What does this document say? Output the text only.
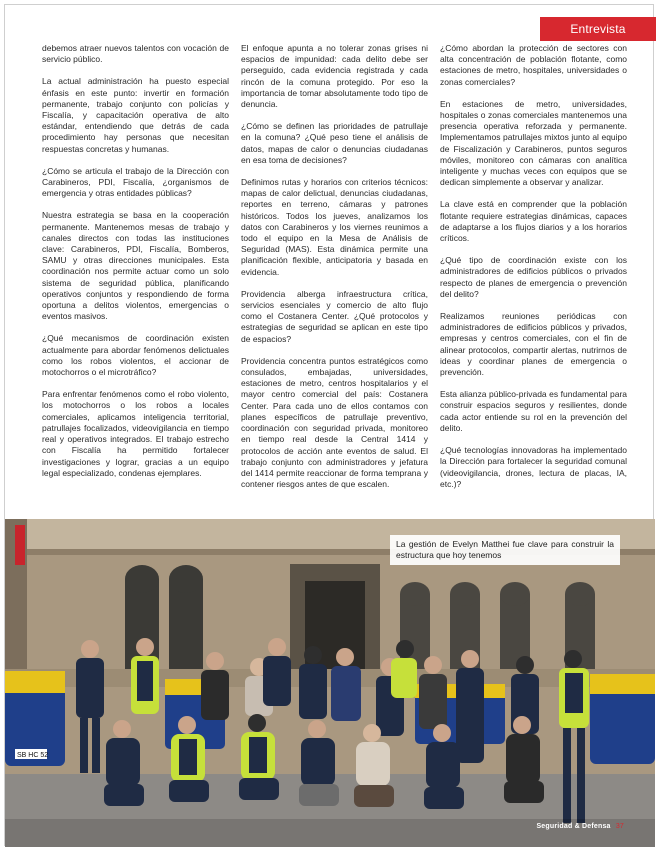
Entrevista

debemos atraer nuevos talentos con vocación de servicio público.

La actual administración ha puesto especial énfasis en este punto: invertir en formación permanente, trabajo conjunto con policías y Fiscalía, y capacitación operativa de alto estándar, entendiendo que detrás de cada procedimiento hay personas que necesitan respuestas concretas y humanas.

¿Cómo se articula el trabajo de la Dirección con Carabineros, PDI, Fiscalía, ¿organismos de emergencia y otras entidades públicas?

Nuestra estrategia se basa en la cooperación permanente. Mantenemos mesas de trabajo y canales directos con todas las instituciones clave: Carabineros, PDI, Fiscalía, Bomberos, SAMU y otras direcciones municipales. Esta coordinación nos permite actuar como un solo sistema de seguridad pública, planificando operativos conjuntos y respondiendo de forma oportuna a delitos violentos, emergencias o eventos masivos.

¿Qué mecanismos de coordinación existen actualmente para abordar fenómenos delictuales como los robos violentos, el accionar de motochorros o el microtráfico?

Para enfrentar fenómenos como el robo violento, los motochorros o los robos a locales comerciales, aplicamos inteligencia territorial, patrullajes focalizados, videovigilancia en tiempo real y operativos integrados. El trabajo estrecho con Fiscalía ha permitido fortalecer investigaciones y lograr, gracias a un equipo legal especializado, condenas ejemplares.

El enfoque apunta a no tolerar zonas grises ni espacios de impunidad: cada delito debe ser perseguido, cada evidencia registrada y cada rincón de la comuna protegido. Por eso la importancia de tomar absolutamente todo tipo de denuncia.

¿Cómo se definen las prioridades de patrullaje en la comuna? ¿Qué peso tiene el análisis de datos, mapas de calor o denuncias ciudadanas en esa toma de decisiones?

Definimos rutas y horarios con criterios técnicos: mapas de calor delictual, denuncias ciudadanas, reportes en terreno, cámaras y patrones históricos. Todos los jueves, analizamos los datos con Carabineros y los viernes reunimos a todo el equipo en la Mesa de Análisis de Seguridad (MAS). Esta dinámica permite una planificación flexible, anticipatoria y basada en evidencia.

Providencia alberga infraestructura crítica, servicios esenciales y comercio de alto flujo como el Costanera Center. ¿Qué protocolos y estrategias de seguridad se aplican en este tipo de espacios?

Providencia concentra puntos estratégicos como consulados, embajadas, universidades, estaciones de metro, centros hospitalarios y el mayor centro comercial del país: Costanera Center. Para cada uno de ellos contamos con planes específicos de patrullaje preventivo, coordinación con seguridad privada, monitoreo en tiempo real desde la Central 1414 y protocolos de acción ante eventos de salud. El trabajo conjunto con administradores y jefatura del 1414 permite reaccionar de forma temprana y contener riesgos antes de que escalen.

¿Cómo abordan la protección de sectores con alta concentración de población flotante, como estaciones de metro, hospitales, universidades o zonas comerciales?

En estaciones de metro, universidades, hospitales o zonas comerciales mantenemos una presencia operativa reforzada y permanente. Implementamos patrullajes mixtos junto al equipo de Fiscalización y Carabineros, puntos seguros móviles, monitoreo con cámaras con analítica inteligente y muchas veces con equipos que se dedican simplemente a observar y analizar.

La clave está en comprender que la población flotante requiere estrategias dinámicas, capaces de adaptarse a los flujos diarios y a los horarios críticos.

¿Qué tipo de coordinación existe con los administradores de edificios públicos o privados respecto de planes de emergencia o prevención del delito?

Realizamos reuniones periódicas con administradores de edificios públicos y privados, empresas y centros comerciales, con el fin de alinear protocolos, compartir alertas, nutrirnos de ideas y coordinar planes de emergencia o prevención.

Esta alianza público-privada es fundamental para construir espacios seguros y resilientes, donde cada actor entiende su rol en la prevención del delito.

¿Qué tecnologías innovadoras ha implementado la Dirección para fortalecer la seguridad comunal (videovigilancia, drones, lectura de placas, IA, etc.)?

SB HC 52
La gestión de Evelyn Matthei fue clave para construir la estructura que hoy tenemos
Seguridad & Defensa 37
